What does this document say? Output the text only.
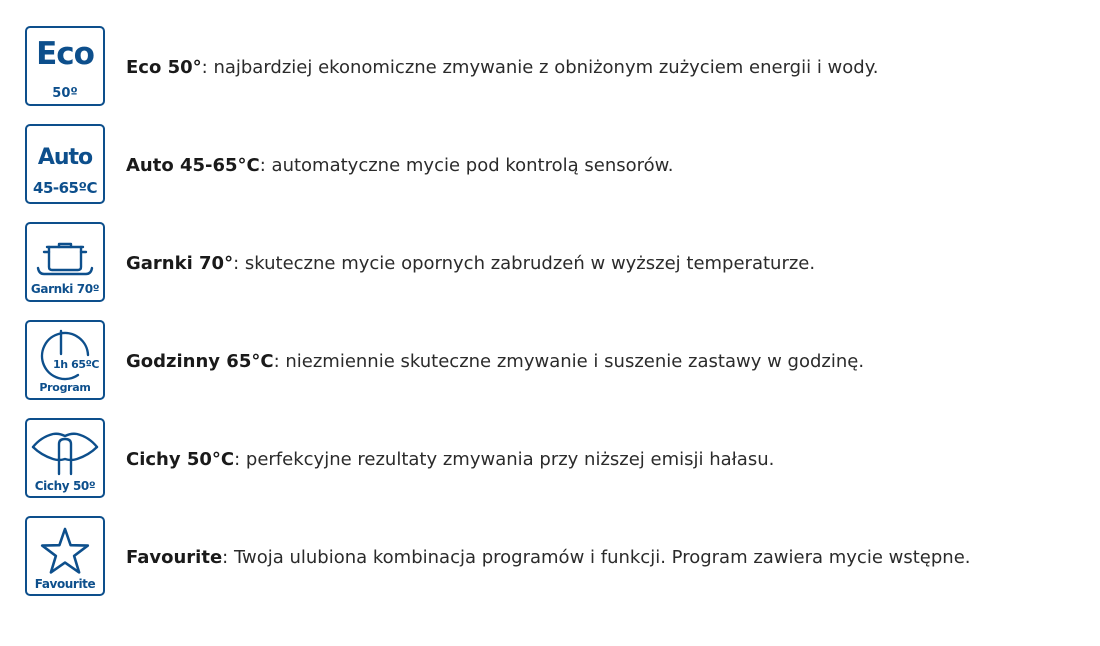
Eco
50º
Eco 50°: najbardziej ekonomiczne zmywanie z obniżonym zużyciem energii i wody.
Auto
45-65ºC
Auto 45-65°C: automatyczne mycie pod kontrolą sensorów.
Garnki 70º
Garnki 70°: skuteczne mycie opornych zabrudzeń w wyższej temperaturze.
1h 65ºC
Program
Godzinny 65°C: niezmiennie skuteczne zmywanie i suszenie zastawy w godzinę.
Cichy 50º
Cichy 50°C: perfekcyjne rezultaty zmywania przy niższej emisji hałasu.
Favourite
Favourite: Twoja ulubiona kombinacja programów i funkcji. Program zawiera mycie wstępne.
